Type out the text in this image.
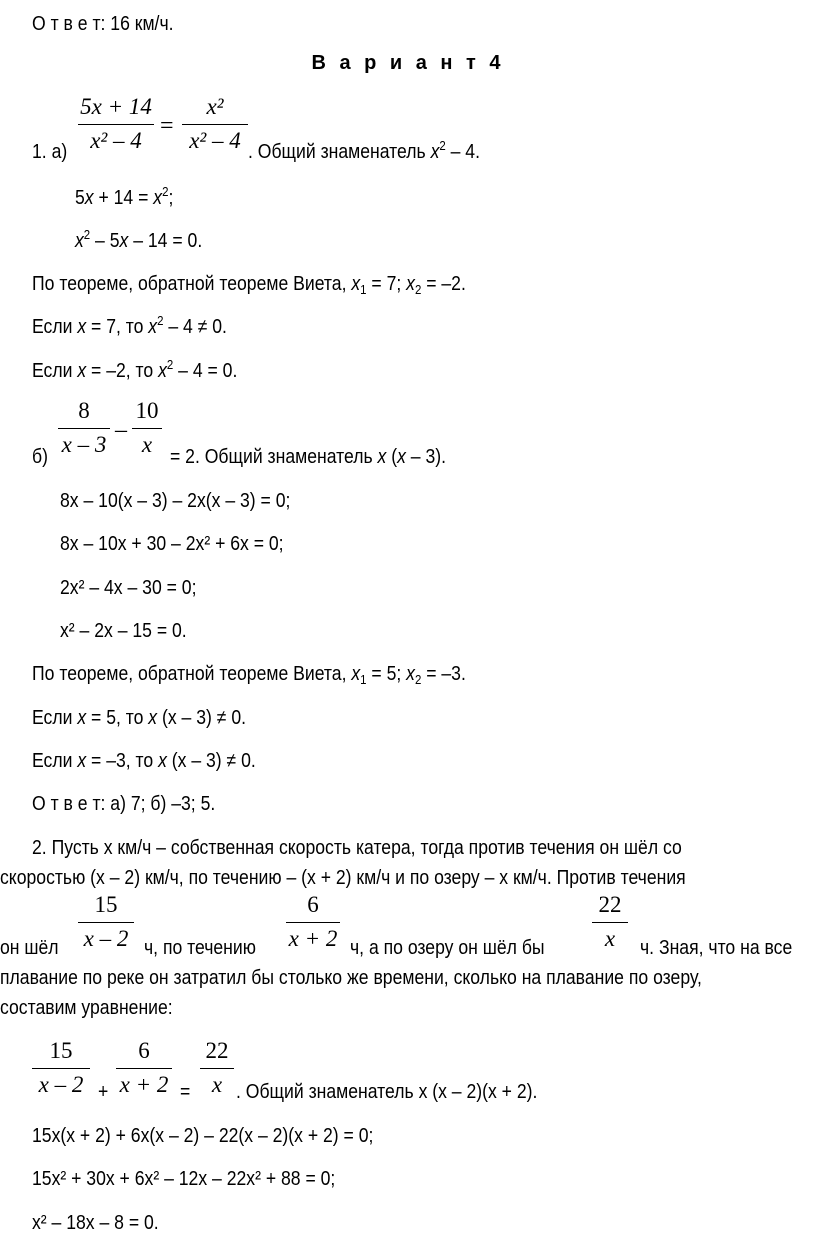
О т в е т: 16 км/ч.
В а р и а н т 4
1. а)
5x + 14
x² – 4
=
x²
x² – 4 . Общий знаменатель $x^2 - 4$.
$5x + 14 = x^2$;
$x^2 - 5x - 14 = 0$.
По теореме, обратной теореме Виета, $x_1 = 7$; $x_2 = -2$.
Если x = 7, то $x^2 - 4 \ne 0$.
Если x = –2, то $x^2 - 4 = 0$.
б)
8
x – 3
–
10
x = 2. Общий знаменатель x (x – 3).
8x – 10(x – 3) – 2x(x – 3) = 0;
8x – 10x + 30 – 2x² + 6x = 0;
2x² – 4x – 30 = 0;
x² – 2x – 15 = 0.
По теореме, обратной теореме Виета, $x_1 = 5$; $x_2 = -3$.
Если x = 5, то x (x – 3) ≠ 0.
Если x = –3, то x (x – 3) ≠ 0.
О т в е т: а) 7; б) –3; 5.
2. Пусть x км/ч – собственная скорость катера, тогда против течения он шёл со
скоростью (x – 2) км/ч, по течению – (x + 2) км/ч и по озеру – x км/ч. Против течения
он шёл
15
x – 2 ч, по течению
6
x + 2 ч, а по озеру он шёл бы
22
x	ч. Зная, что на все
плавание по реке он затратил бы столько же времени, сколько на плавание по озеру,
составим уравнение:
15
x – 2 +
6
x + 2 =
22
x . Общий знаменатель x (x – 2)(x + 2).
15x(x + 2) + 6x(x – 2) – 22(x – 2)(x + 2) = 0;
15x² + 30x + 6x² – 12x – 22x² + 88 = 0;
x² – 18x – 8 = 0.
